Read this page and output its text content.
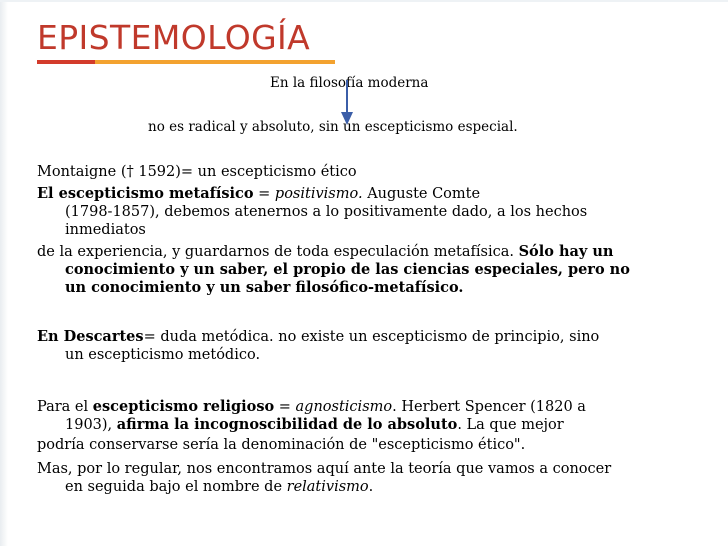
EPISTEMOLOGÍA
En la filosofía moderna
no es radical y absoluto, sin un escepticismo especial.
Montaigne († 1592)= un escepticismo ético
El escepticismo metafísico = positivismo. Auguste Comte
(1798-1857), debemos atenernos a lo positivamente dado, a los hechos
inmediatos
de la experiencia, y guardarnos de toda especulación metafísica. Sólo hay un
conocimiento y un saber, el propio de las ciencias especiales, pero no
un conocimiento y un saber filosófico-metafísico.
En Descartes= duda metódica. no existe un escepticismo de principio, sino
un escepticismo metódico.
Para el escepticismo religioso = agnosticismo. Herbert Spencer (1820 a
1903), afirma la incognoscibilidad de lo absoluto. La que mejor
podría conservarse sería la denominación de "escepticismo ético".
Mas, por lo regular, nos encontramos aquí ante la teoría que vamos a conocer
en seguida bajo el nombre de relativismo.
